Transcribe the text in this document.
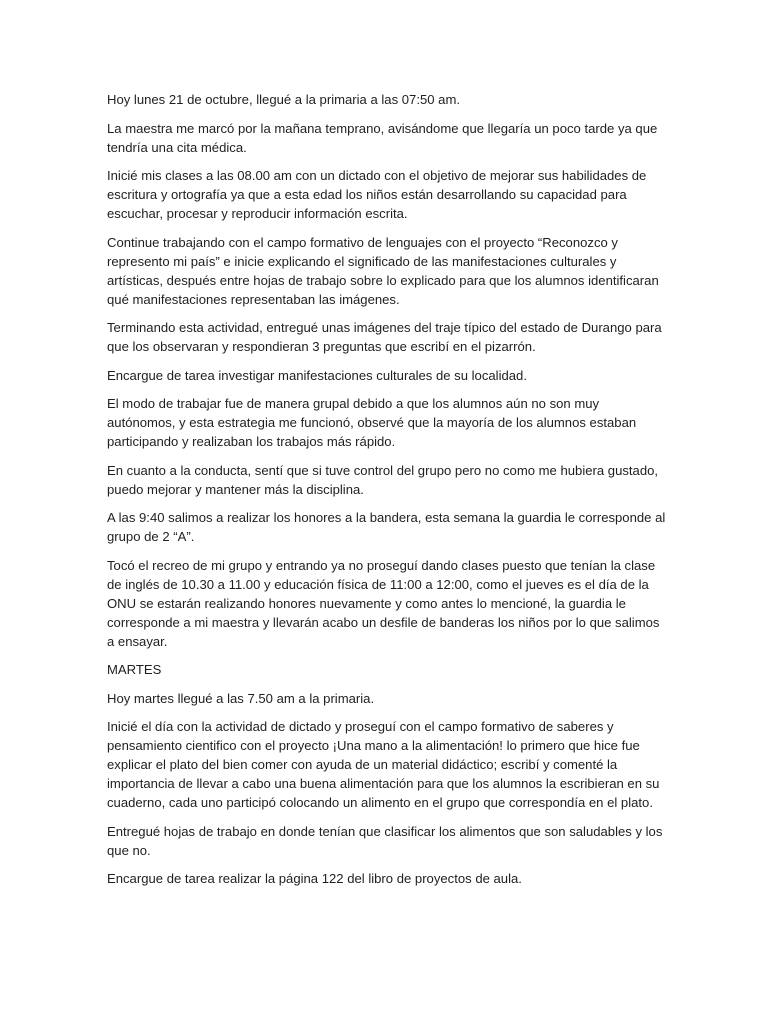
Hoy lunes 21 de octubre, llegué a la primaria a las 07:50 am.

La maestra me marcó por la mañana temprano, avisándome que llegaría un poco tarde ya que tendría una cita médica.

Inicié mis clases a las 08.00 am con un dictado con el objetivo de mejorar sus habilidades de escritura y ortografía ya que a esta edad los niños están desarrollando su capacidad para escuchar, procesar y reproducir información escrita.

Continue trabajando con el campo formativo de lenguajes con el proyecto “Reconozco y represento mi país” e inicie explicando el significado de las manifestaciones culturales y artísticas, después entre hojas de trabajo sobre lo explicado para que los alumnos identificaran qué manifestaciones representaban las imágenes.

Terminando esta actividad, entregué unas imágenes del traje típico del estado de Durango para que los observaran y respondieran 3 preguntas que escribí en el pizarrón.

Encargue de tarea investigar manifestaciones culturales de su localidad.

El modo de trabajar fue de manera grupal debido a que los alumnos aún no son muy autónomos, y esta estrategia me funcionó, observé que la mayoría de los alumnos estaban participando y realizaban los trabajos más rápido.

En cuanto a la conducta, sentí que si tuve control del grupo pero no como me hubiera gustado, puedo mejorar y mantener más la disciplina.

A las 9:40 salimos a realizar los honores a la bandera, esta semana la guardia le corresponde al grupo de 2 “A”.

Tocó el recreo de mi grupo y entrando ya no proseguí dando clases puesto que tenían la clase de inglés de 10.30 a 11.00 y educación física de 11:00 a 12:00, como el jueves es el día de la ONU se estarán realizando honores nuevamente y como antes lo mencioné, la guardia le corresponde a mi maestra y llevarán acabo un desfile de banderas los niños por lo que salimos a ensayar.

MARTES

Hoy martes llegué a las 7.50 am a la primaria.

Inicié el día con la actividad de dictado y proseguí con el campo formativo de saberes y pensamiento cientifico con el proyecto ¡Una mano a la alimentación! lo primero que hice fue explicar el plato del bien comer con ayuda de un material didáctico; escribí y comenté la importancia de llevar a cabo una buena alimentación para que los alumnos la escribieran en su cuaderno, cada uno participó colocando un alimento en el grupo que correspondía en el plato.

Entregué hojas de trabajo en donde tenían que clasificar los alimentos que son saludables y los que no.

Encargue de tarea realizar la página 122 del libro de proyectos de aula.
